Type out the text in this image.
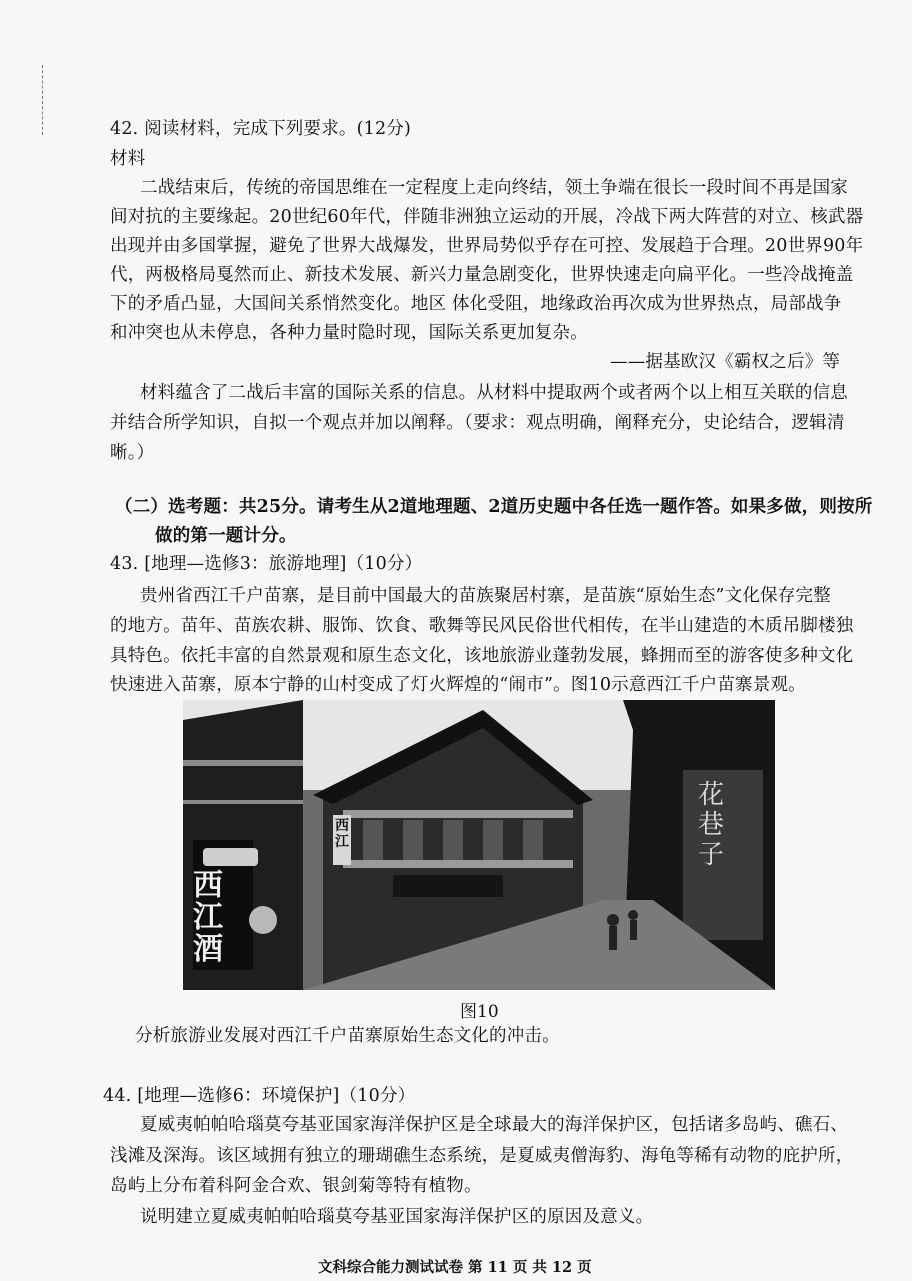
42. 阅读材料，完成下列要求。(12分)
材料
二战结束后，传统的帝国思维在一定程度上走向终结，领土争端在很长一段时间不再是国家
间对抗的主要缘起。20世纪60年代，伴随非洲独立运动的开展，冷战下两大阵营的对立、核武器
出现并由多国掌握，避免了世界大战爆发，世界局势似乎存在可控、发展趋于合理。20世界90年
代，两极格局戛然而止、新技术发展、新兴力量急剧变化，世界快速走向扁平化。一些冷战掩盖
下的矛盾凸显，大国间关系悄然变化。地区 体化受阻，地缘政治再次成为世界热点，局部战争
和冲突也从未停息，各种力量时隐时现，国际关系更加复杂。
——据基欧汉《霸权之后》等
材料蕴含了二战后丰富的国际关系的信息。从材料中提取两个或者两个以上相互关联的信息
并结合所学知识，自拟一个观点并加以阐释。（要求：观点明确，阐释充分，史论结合，逻辑清
晰。）
（二）选考题：共25分。请考生从2道地理题、2道历史题中各任选一题作答。如果多做，则按所
做的第一题计分。
43. [地理—选修3：旅游地理]（10分）
贵州省西江千户苗寨，是目前中国最大的苗族聚居村寨，是苗族“原始生态”文化保存完整
的地方。苗年、苗族农耕、服饰、饮食、歌舞等民风民俗世代相传，在半山建造的木质吊脚楼独
具特色。依托丰富的自然景观和原生态文化，该地旅游业蓬勃发展，蜂拥而至的游客使多种文化
快速进入苗寨，原本宁静的山村变成了灯火辉煌的“闹市”。图10示意西江千户苗寨景观。
西江酒
西江
花巷子
图10
分析旅游业发展对西江千户苗寨原始生态文化的冲击。
44. [地理—选修6：环境保护]（10分）
夏威夷帕帕哈瑙莫夸基亚国家海洋保护区是全球最大的海洋保护区，包括诸多岛屿、礁石、
浅滩及深海。该区域拥有独立的珊瑚礁生态系统，是夏威夷僧海豹、海龟等稀有动物的庇护所，
岛屿上分布着科阿金合欢、银剑菊等特有植物。
说明建立夏威夷帕帕哈瑙莫夸基亚国家海洋保护区的原因及意义。
文科综合能力测试试卷 第 11 页 共 12 页
